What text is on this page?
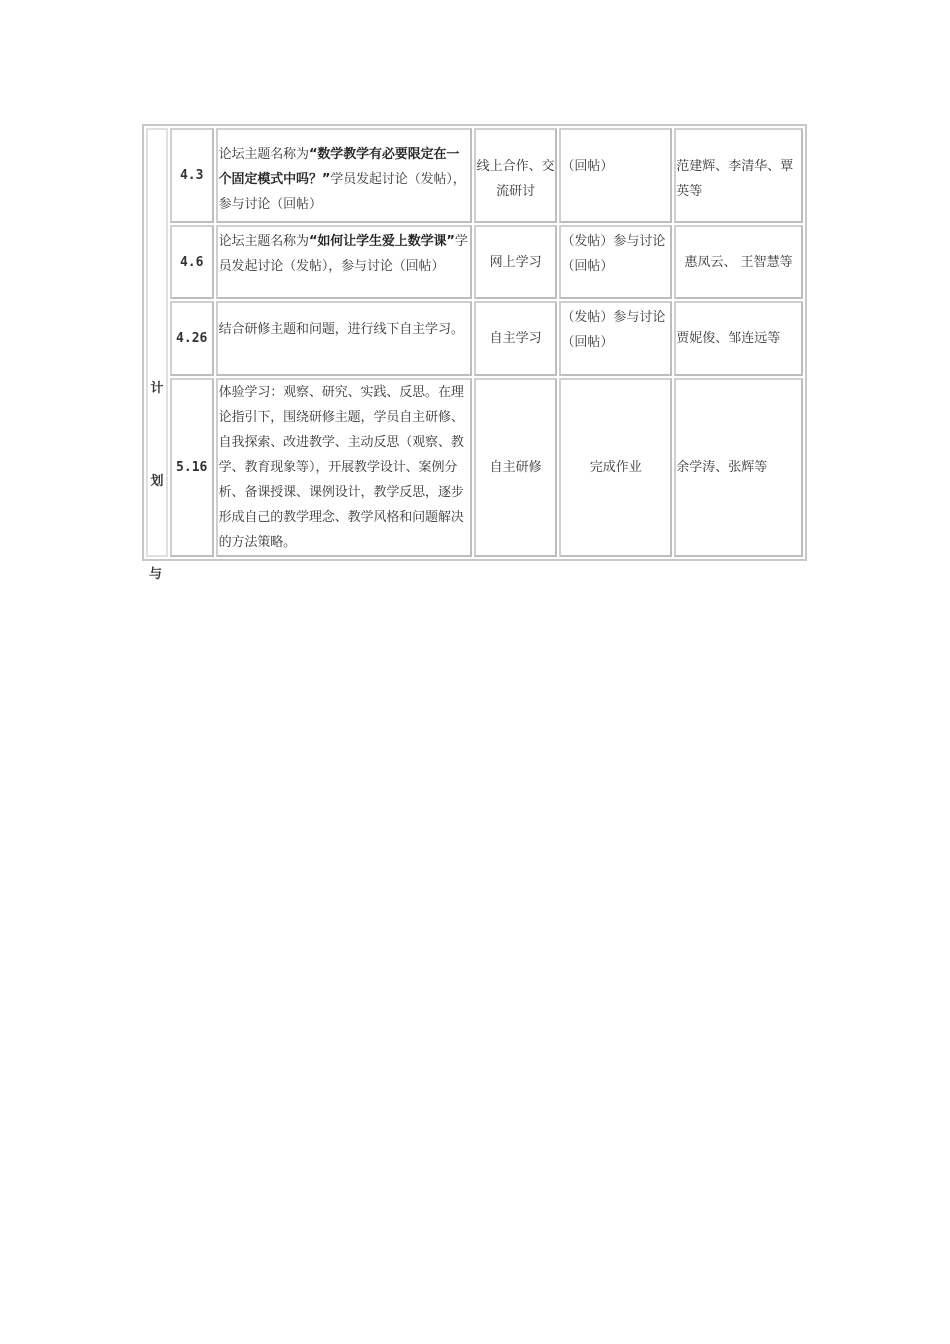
计
划	4.3	论坛主题名称为“数学教学有必要限定在一个固定模式中吗？”学员发起讨论（发帖），参与讨论（回帖）	线上合作、交流研讨	（回帖）	范建辉、李清华、覃英等
	4.6	论坛主题名称为“如何让学生爱上数学课”学员发起讨论（发帖），参与讨论（回帖）	网上学习	（发帖）参与讨论（回帖）	惠凤云、 王智慧等
	4.26	结合研修主题和问题，进行线下自主学习。	自主学习	（发帖）参与讨论（回帖）	贾妮俊、邹连远等
	5.16	体验学习：观察、研究、实践、反思。在理论指引下，围绕研修主题，学员自主研修、自我探索、改进教学、主动反思（观察、教学、教育现象等），开展教学设计、案例分析、备课授课、课例设计，教学反思，逐步形成自己的教学理念、教学风格和问题解决的方法策略。	自主研修	完成作业	余学涛、张辉等
与
